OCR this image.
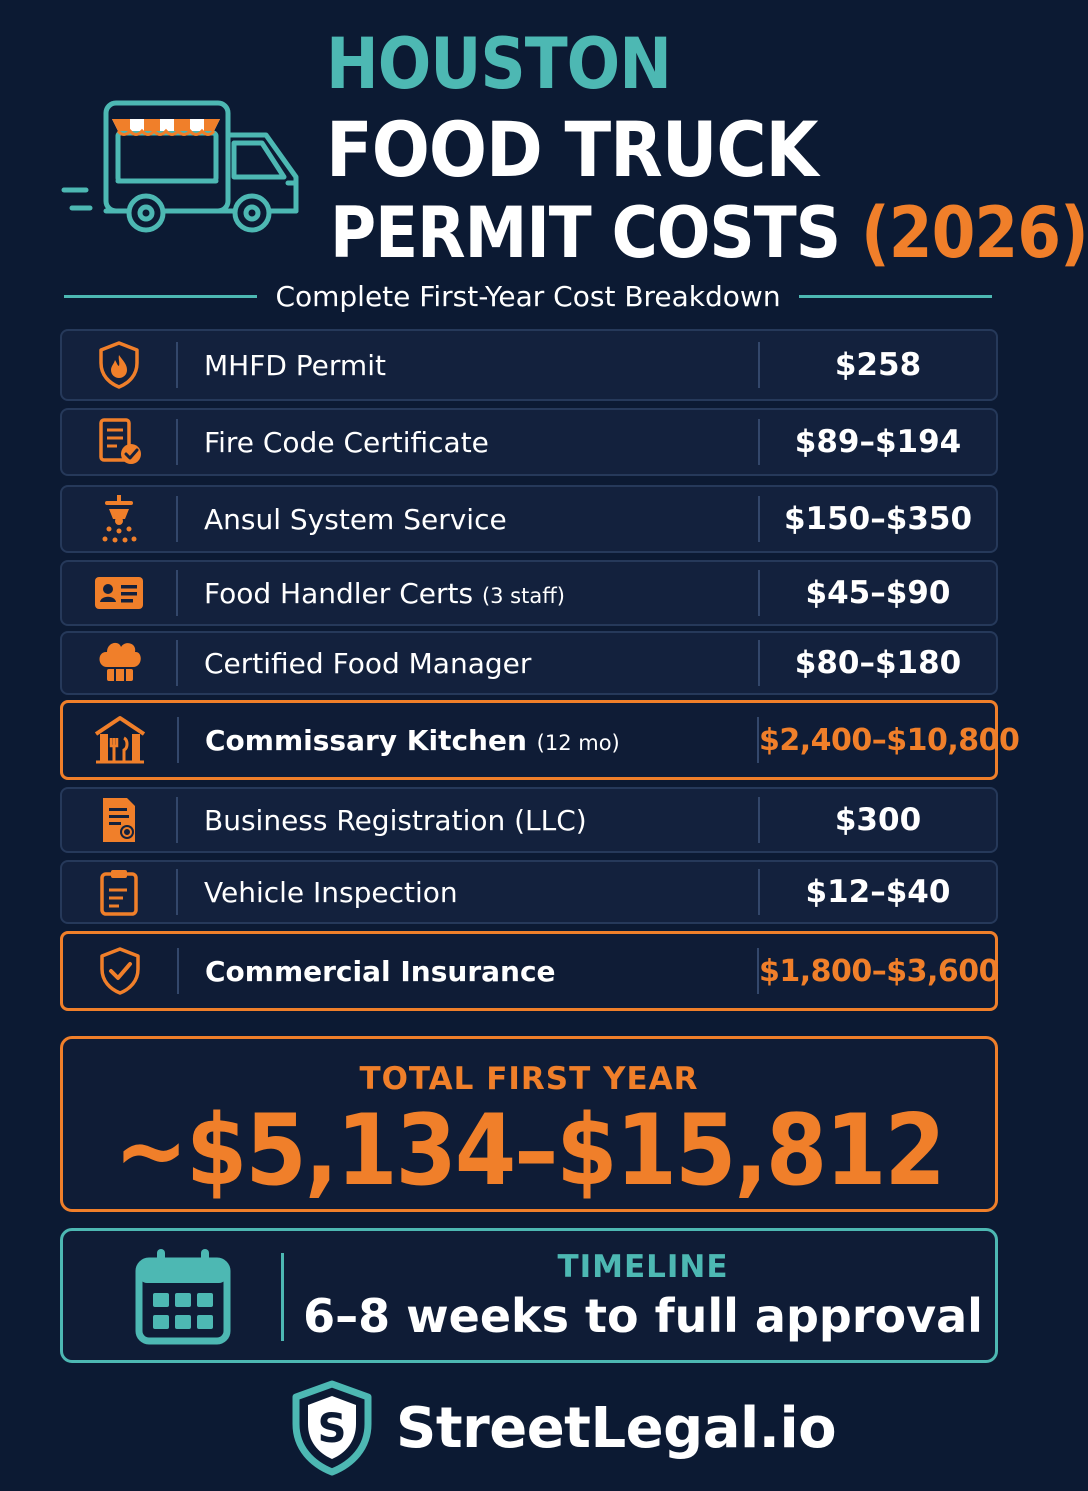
HOUSTON
FOOD TRUCK
PERMIT COSTS (2026)
Complete First-Year Cost Breakdown
MHFD Permit	$258
Fire Code Certificate	$89–$194
Ansul System Service	$150–$350
Food Handler Certs (3 staff)	$45–$90
Certified Food Manager	$80–$180
Commissary Kitchen (12 mo)	$2,400–$10,800
Business Registration (LLC)	$300
Vehicle Inspection	$12–$40
Commercial Insurance	$1,800–$3,600
TOTAL FIRST YEAR
~$5,134–$15,812
TIMELINE
6–8 weeks to full approval
S StreetLegal.io
